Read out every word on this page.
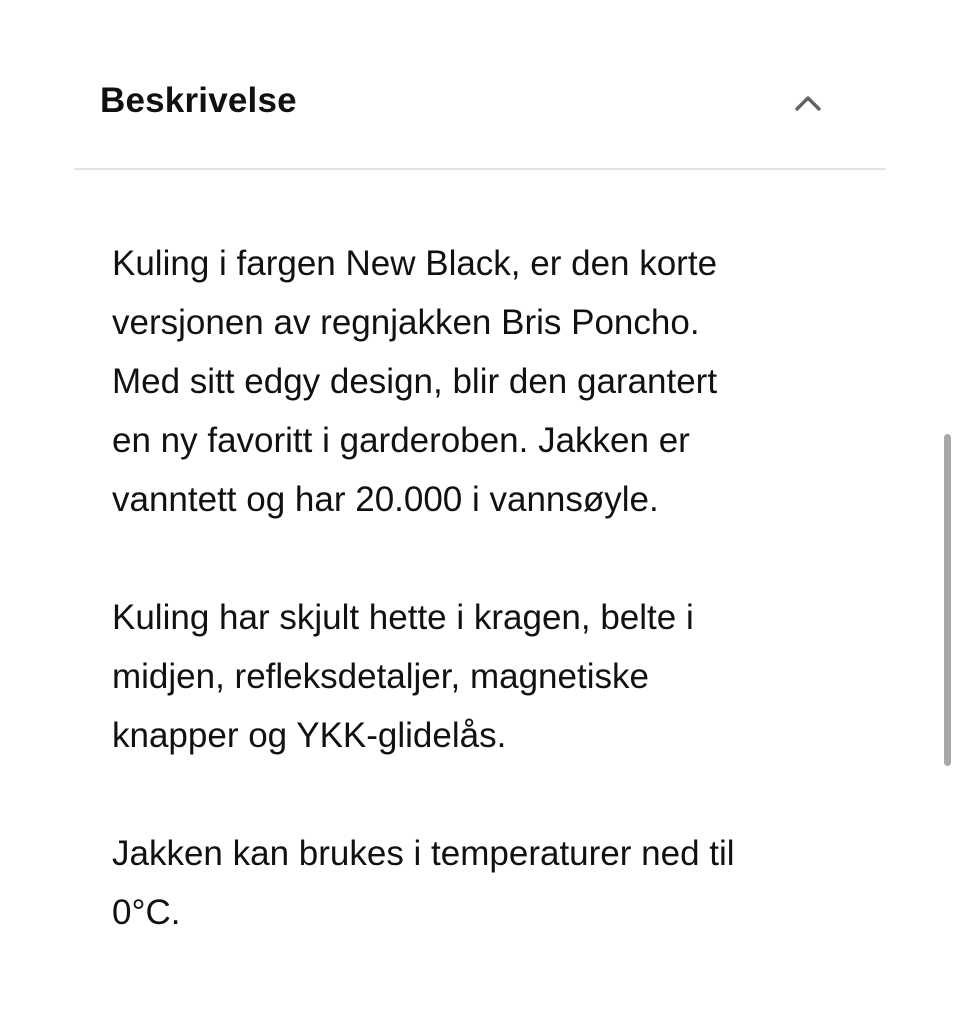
Beskrivelse

Kuling i fargen New Black, er den korte
versjonen av regnjakken Bris Poncho.
Med sitt edgy design, blir den garantert
en ny favoritt i garderoben. Jakken er
vanntett og har 20.000 i vannsøyle.

Kuling har skjult hette i kragen, belte i
midjen, refleksdetaljer, magnetiske
knapper og YKK-glidelås.

Jakken kan brukes i temperaturer ned til
0°C.
